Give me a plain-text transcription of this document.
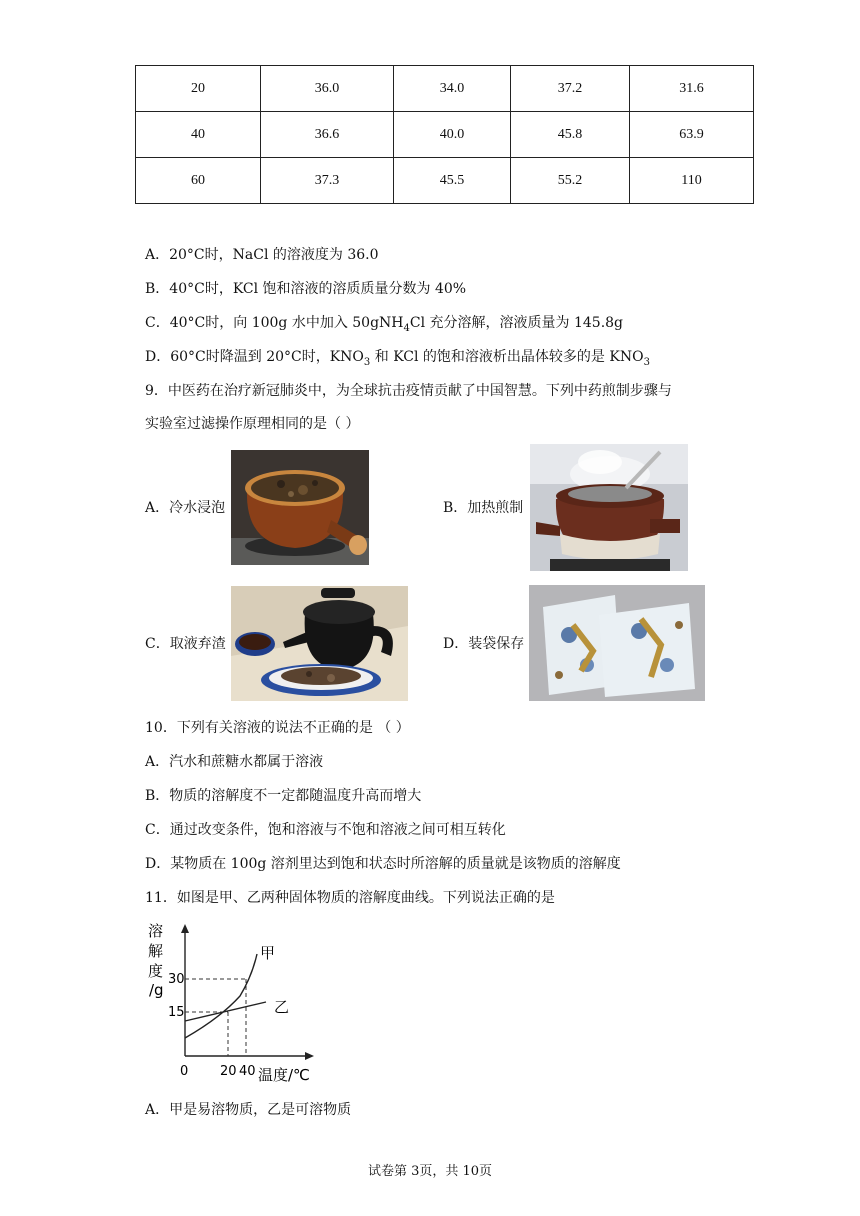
20	36.0	34.0	37.2	31.6
40	36.6	40.0	45.8	63.9
60	37.3	45.5	55.2	110
A．20°C时，NaCl 的溶液度为 36.0
B．40°C时，KCl 饱和溶液的溶质质量分数为 40%
C．40°C时，向 100g 水中加入 50gNH$_4$Cl 充分溶解，溶液质量为 145.8g
D．60°C时降温到 20°C时，$KNO_3$ 和 KCl 的饱和溶液析出晶体较多的是 $KNO_3$
9．中医药在治疗新冠肺炎中，为全球抗击疫情贡献了中国智慧。下列中药煎制步骤与
实验室过滤操作原理相同的是（ ）
A．冷水浸泡	B．加热煎制
C．取液弃渣	D．装袋保存
10．下列有关溶液的说法不正确的是 （ ）
A．汽水和蔗糖水都属于溶液
B．物质的溶解度不一定都随温度升高而增大
C．通过改变条件，饱和溶液与不饱和溶液之间可相互转化
D．某物质在 100g 溶剂里达到饱和状态时所溶解的质量就是该物质的溶解度
11．如图是甲、乙两种固体物质的溶解度曲线。下列说法正确的是
溶
解
度
/g
30
15
0 20 40 温度/℃
甲
乙
A．甲是易溶物质，乙是可溶物质
试卷第 3页，共 10页
